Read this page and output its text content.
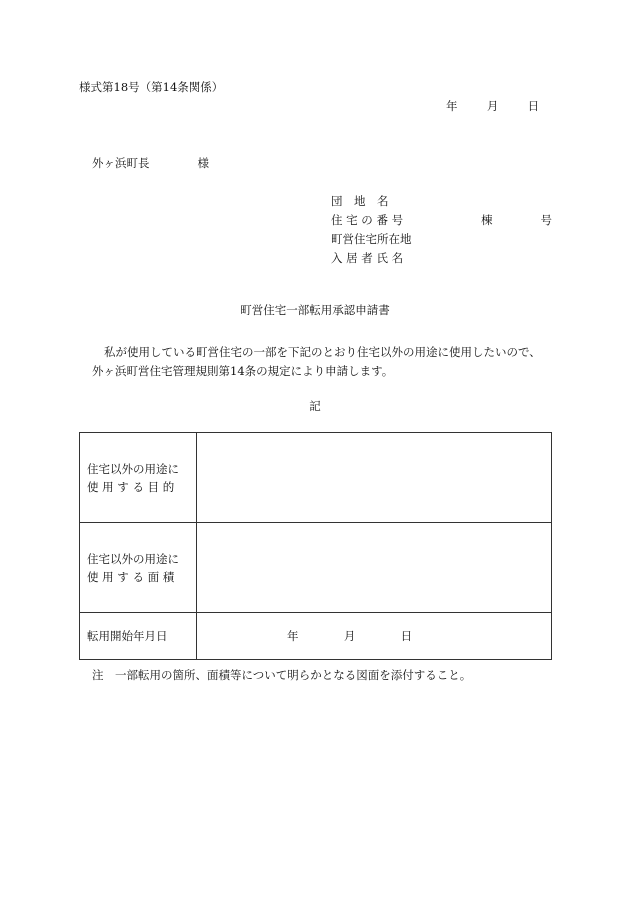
様式第18号（第14条関係）
年	月	日
外ヶ浜町長	様
団　地　名
住 宅 の 番 号	棟	号
町営住宅所在地
入 居 者 氏 名
町営住宅一部転用承認申請書

私が使用している町営住宅の一部を下記のとおり住宅以外の用途に使用したいので、

外ヶ浜町営住宅管理規則第14条の規定により申請します。

記
住宅以外の用途に
使 用 す る 目 的	

住宅以外の用途に
使 用 す る 面 積	

転用開始年月日	年 月 日
注　一部転用の箇所、面積等について明らかとなる図面を添付すること。
